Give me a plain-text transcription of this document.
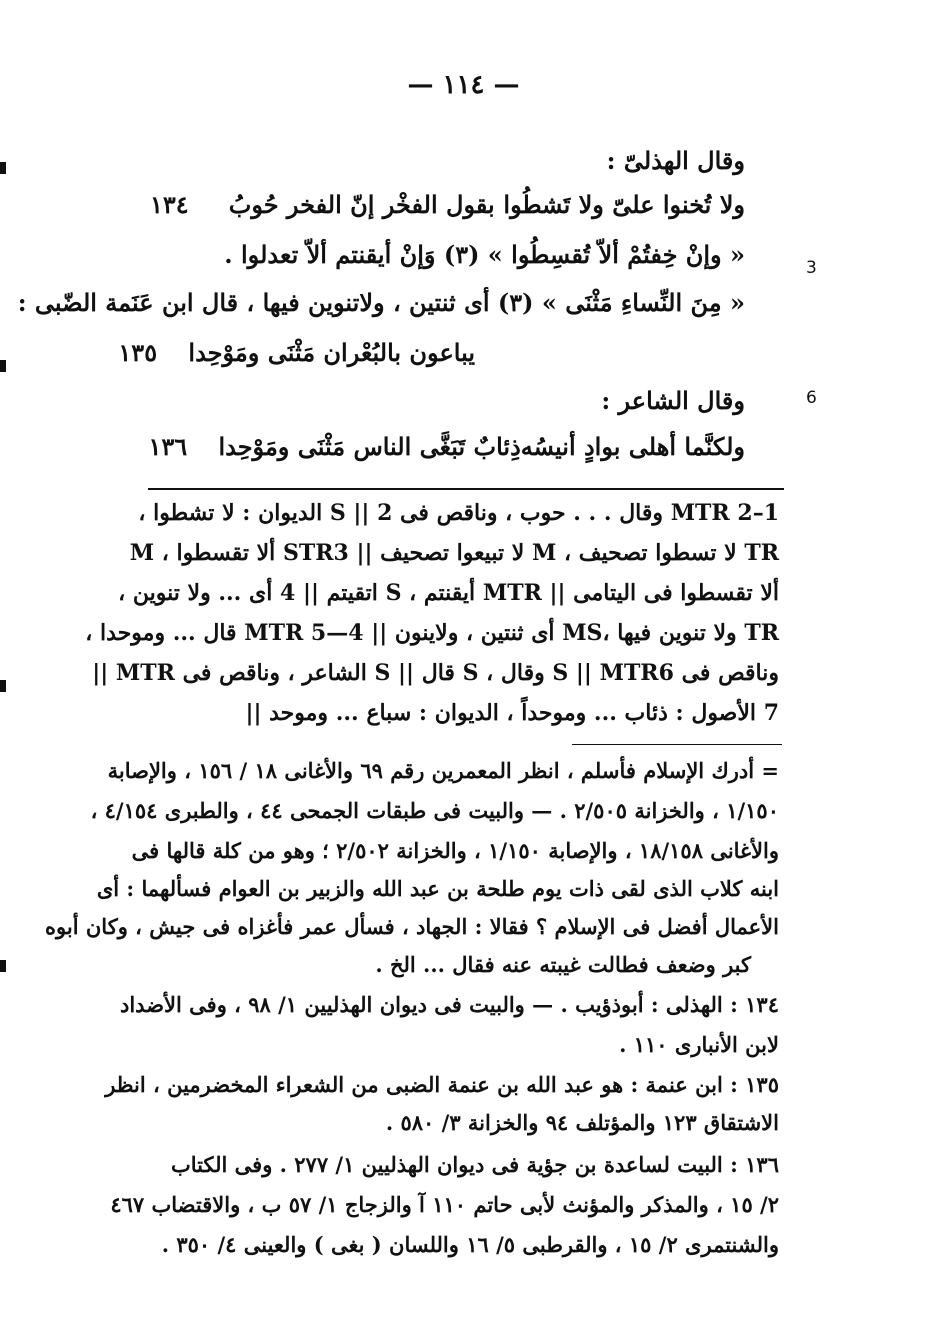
— ١١٤ —
وقال الهذلىّ :
ولا تُخنوا علىّ ولا تَشطُوا
بقول الفخْر إنّ الفخر حُوبُ
١٣٤
« وإنْ خِفتُمْ ألاّ تُقسِطُوا » (٣) وَإنْ أيقنتم ألاّ تعدلوا .	3
« مِنَ النِّساءِ مَثْنَى » (٣) أى ثنتين ، ولاتنوين فيها ، قال ابن عَنَمة الضّبى :
يباعون بالبُعْران مَثْنَى ومَوْحِدا
١٣٥
وقال الشاعر :	6
ولكنَّما أهلى بوادٍ أنيسُه
ذِئابٌ تَبَغَّى الناس مَثْنَى ومَوْحِدا
١٣٦
1–2 MTR وقال . . . حوب ، وناقص فى S || 2 الديوان : لا تشطوا ،
TR لا تسطوا تصحيف ، M لا تبيعوا تصحيف || STR3 ألا تقسطوا ، M
ألا تقسطوا فى اليتامى || MTR أيقنتم ، S اتقيتم || 4 أى ... ولا تنوين ،
TR ولا تنوين فيها ،MS أى ثنتين ، ولاينون || 4—5 MTR قال ... وموحدا ،
وناقص فى S || MTR6 وقال ، S قال || S الشاعر ، وناقص فى MTR ||
7 الأصول : ذئاب ... وموحداً ، الديوان : سباع ... وموحد ||
= أدرك الإسلام فأسلم ، انظر المعمرين رقم ٦٩ والأغانى ١٨ / ١٥٦ ، والإصابة
١/١٥٠ ، والخزانة ٢/٥٠٥ . — والبيت فى طبقات الجمحى ٤٤ ، والطبرى ٤/١٥٤ ،
والأغانى ١٨/١٥٨ ، والإصابة ١/١٥٠ ، والخزانة ٢/٥٠٢ ؛ وهو من كلة قالها فى
ابنه كلاب الذى لقى ذات يوم طلحة بن عبد الله والزبير بن العوام فسألهما : أى
الأعمال أفضل فى الإسلام ؟ فقالا : الجهاد ، فسأل عمر فأغزاه فى جيش ، وكان أبوه
كبر وضعف فطالت غيبته عنه فقال ... الخ .
١٣٤ : الهذلى : أبوذؤيب . — والبيت فى ديوان الهذليين ١/ ٩٨ ، وفى الأضداد
لابن الأنبارى ١١٠ .
١٣٥ : ابن عنمة : هو عبد الله بن عنمة الضبى من الشعراء المخضرمين ، انظر
الاشتقاق ١٢٣ والمؤتلف ٩٤ والخزانة ٣/ ٥٨٠ .
١٣٦ : البيت لساعدة بن جؤية فى ديوان الهذليين ١/ ٢٧٧ . وفى الكتاب
٢/ ١٥ ، والمذكر والمؤنث لأبى حاتم ١١٠ آ والزجاج ١/ ٥٧ ب ، والاقتضاب ٤٦٧
والشنتمرى ٢/ ١٥ ، والقرطبى ٥/ ١٦ واللسان ( بغى ) والعينى ٤/ ٣٥٠ .
